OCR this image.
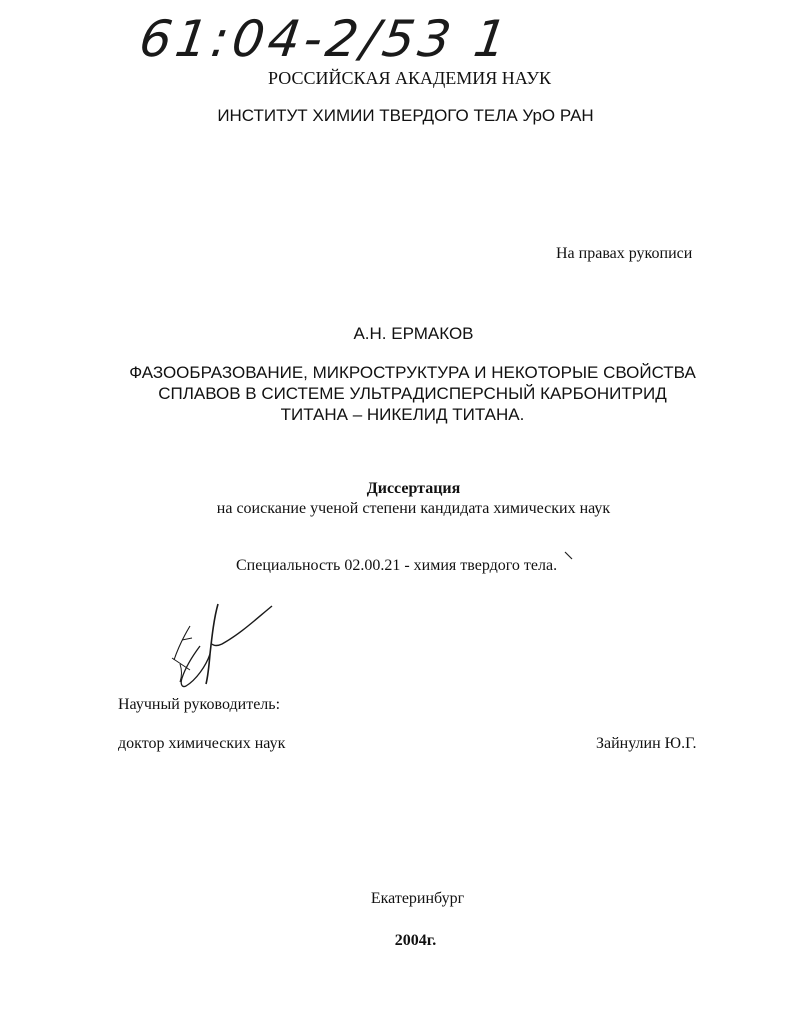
61:04-2/53 1
РОССИЙСКАЯ АКАДЕМИЯ НАУК
ИНСТИТУТ ХИМИИ ТВЕРДОГО ТЕЛА УрО РАН
На правах рукописи
А.Н. ЕРМАКОВ
ФАЗООБРАЗОВАНИЕ, МИКРОСТРУКТУРА И НЕКОТОРЫЕ СВОЙСТВА
СПЛАВОВ В СИСТЕМЕ УЛЬТРАДИСПЕРСНЫЙ КАРБОНИТРИД
ТИТАНА – НИКЕЛИД ТИТАНА.
Диссертация
на соискание ученой степени кандидата химических наук
Специальность 02.00.21 - химия твердого тела.
Научный руководитель:
доктор химических наук	Зайнулин Ю.Г.
Екатеринбург
2004г.
